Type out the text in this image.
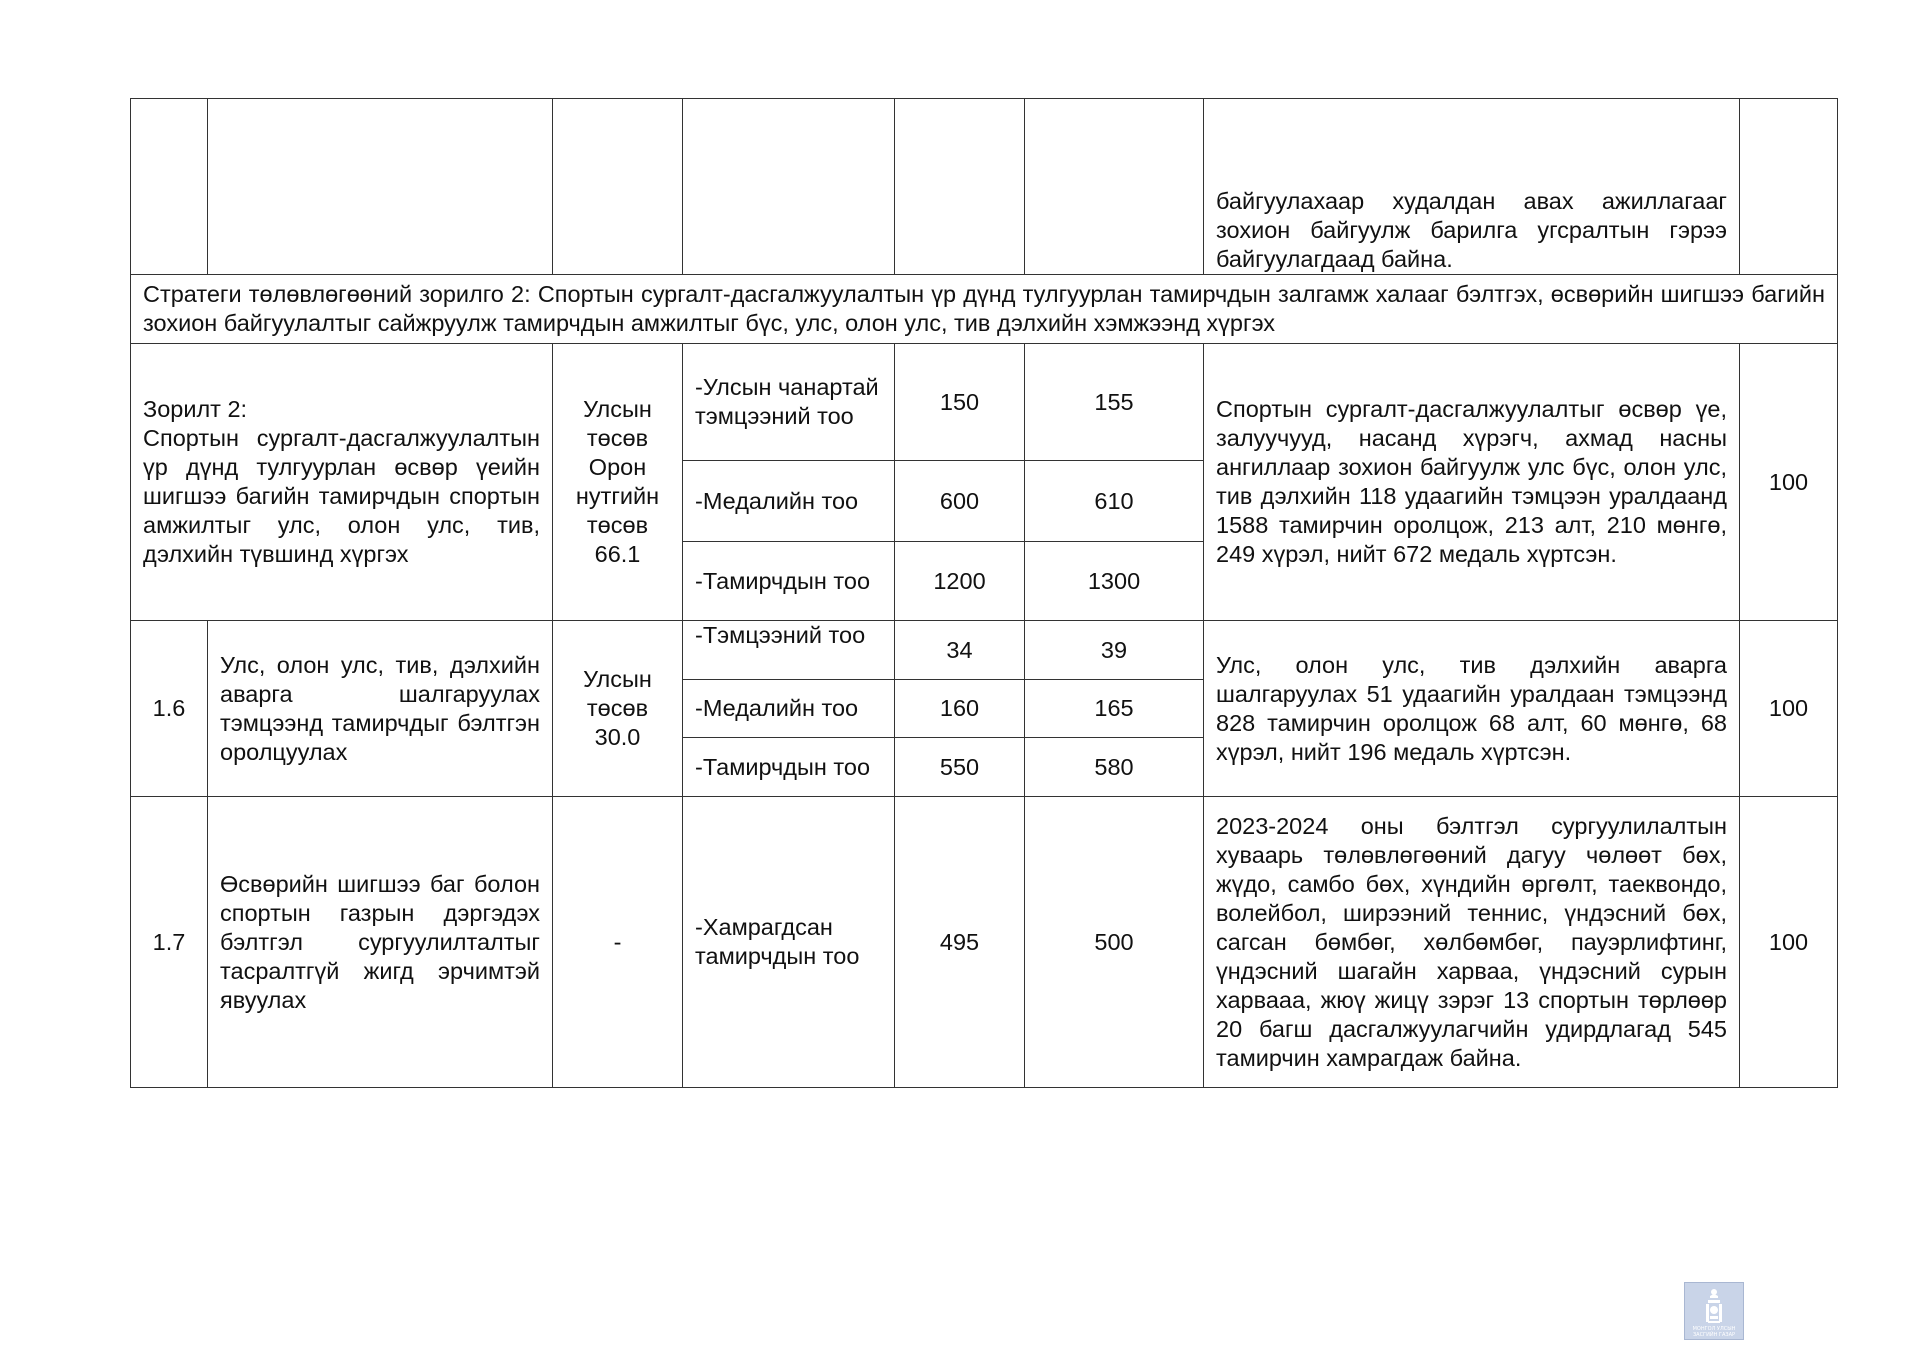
						байгуулахаар худалдан авах ажиллагааг зохион байгуулж барилга угсралтын гэрээ байгуулагдаад байна.	
Стратеги төлөвлөгөөний зорилго 2: Спортын сургалт-дасгалжуулалтын үр дүнд тулгуурлан тамирчдын залгамж халааг бэлтгэх, өсвөрийн шигшээ багийн зохион байгуулалтыг сайжруулж тамирчдын амжилтыг бүс, улс, олон улс, тив дэлхийн хэмжээнд хүргэх							

Зорилт 2:
Спортын сургалт-дасгалжуулалтын үр дүнд тулгуурлан өсвөр үеийн шигшээ багийн тамирчдын спортын амжилтыг улс, олон улс, тив, дэлхийн түвшинд хүргэх		Улсын төсөв Орон нутгийн төсөв 66.1	-Улсын чанартай тэмцээний тоо	150	155	Спортын сургалт-дасгалжуулалтыг өсвөр үе, залуучууд, насанд хүрэгч, ахмад насны ангиллаар зохион байгуулж улс бүс, олон улс, тив дэлхийн 118 удаагийн тэмцээн уралдаанд 1588 тамирчин оролцож, 213 алт, 210 мөнгө, 249 хүрэл, нийт 672 медаль хүртсэн.	100
			-Медалийн тоо	600	610		
			-Тамирчдын тоо	1200	1300		
1.6	Улс, олон улс, тив, дэлхийн аварга шалгаруулах тэмцээнд тамирчдыг бэлтгэн оролцуулах	Улсын төсөв 30.0	-Тэмцээний тоо	34	39	Улс, олон улс, тив дэлхийн аварга шалгаруулах 51 удаагийн уралдаан тэмцээнд 828 тамирчин оролцож 68 алт, 60 мөнгө, 68 хүрэл, нийт 196 медаль хүртсэн.	100
			-Медалийн тоо	160	165		
			-Тамирчдын тоо	550	580		
1.7	Өсвөрийн шигшээ баг болон спортын газрын дэргэдэх бэлтгэл сургуулилталтыг тасралтгүй жигд эрчимтэй явуулах	-	-Хамрагдсан тамирчдын тоо	495	500	2023-2024 оны бэлтгэл сургуулилалтын хуваарь төлөвлөгөөний дагуу чөлөөт бөх, жүдо, самбо бөх, хүндийн өргөлт, таеквондо, волейбол, ширээний теннис, үндэсний бөх, сагсан бөмбөг, хөлбөмбөг, пауэрлифтинг, үндэсний шагайн харваа, үндэсний сурын харвааа, жюү жицү зэрэг 13 спортын төрлөөр 20 багш дасгалжуулагчийн удирдлагад 545 тамирчин хамрагдаж байна.	100
МОНГОЛ УЛСЫН
ЗАСГИЙН ГАЗАР
